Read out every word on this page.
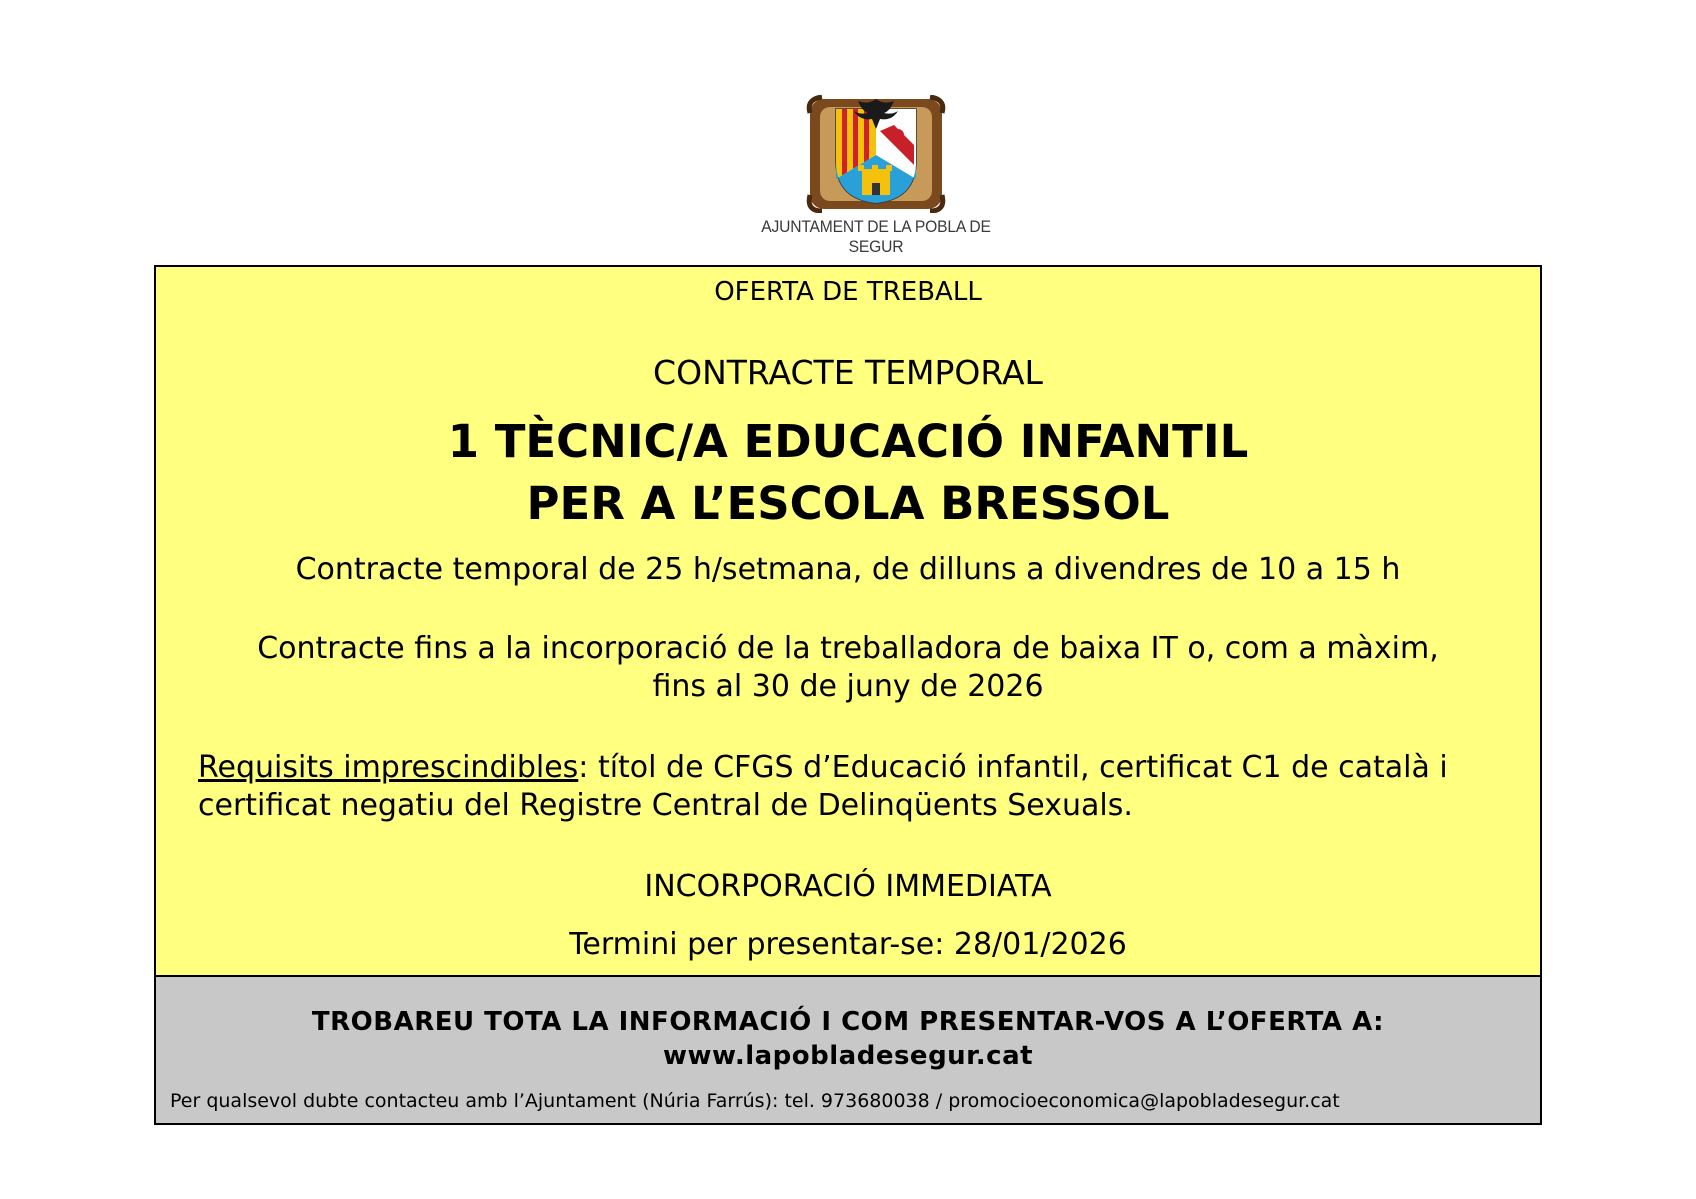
AJUNTAMENT DE LA POBLA DE SEGUR
OFERTA DE TREBALL
CONTRACTE TEMPORAL
1 TÈCNIC/A EDUCACIÓ INFANTIL
PER A L’ESCOLA BRESSOL
Contracte temporal de 25 h/setmana, de dilluns a divendres de 10 a 15 h
Contracte fins a la incorporació de la treballadora de baixa IT o, com a màxim,
fins al 30 de juny de 2026
Requisits imprescindibles: títol de CFGS d’Educació infantil, certificat C1 de català i certificat negatiu del Registre Central de Delinqüents Sexuals.
INCORPORACIÓ IMMEDIATA
Termini per presentar-se: 28/01/2026
TROBAREU TOTA LA INFORMACIÓ I COM PRESENTAR-VOS A L’OFERTA A:
www.lapobladesegur.cat
Per qualsevol dubte contacteu amb l’Ajuntament (Núria Farrús): tel. 973680038 / promocioeconomica@lapobladesegur.cat
